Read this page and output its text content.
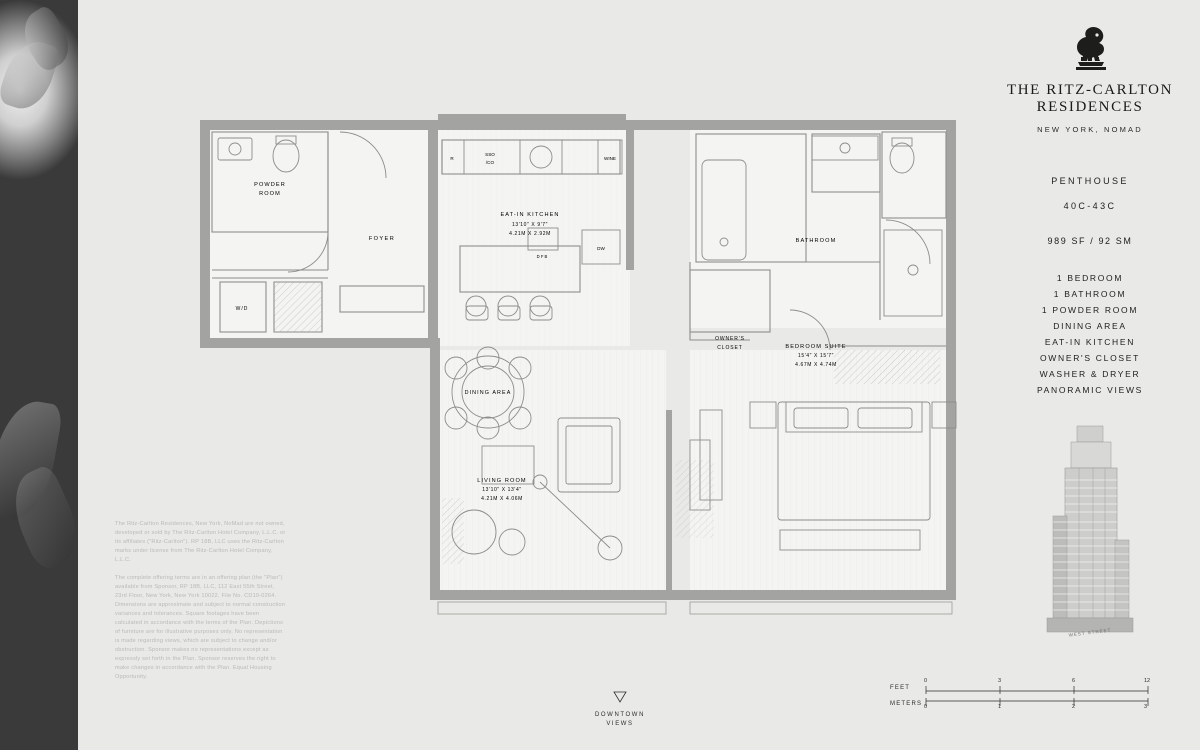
POWDER
ROOM
FOYER
W/D
EAT-IN KITCHEN
13'10" X 9'7"
4.21M X 2.92M
R
SSO
/CO
WINE
DW
D F B
BATHROOM
OWNER'S
CLOSET	BEDROOM SUITE
15'4" X 15'7"
4.67M X 4.74M
DINING AREA
LIVING ROOM
13'10" X 13'4"
4.21M X 4.06M

The Ritz-Carlton Residences, New York, NoMad are not owned, developed or sold by The Ritz-Carlton Hotel Company, L.L.C. or its affiliates ("Ritz-Carlton"). RP 18B, LLC uses the Ritz-Carlton marks under license from The Ritz-Carlton Hotel Company, L.L.C.

The complete offering terms are in an offering plan (the "Plan") available from Sponsor, RP 18B, LLC, 112 East 55th Street, 23rd Floor, New York, New York 10022. File No. CD19-0264. Dimensions are approximate and subject to normal construction variances and tolerances. Square footages have been calculated in accordance with the terms of the Plan. Depictions of furniture are for illustrative purposes only. No representation is made regarding views, which are subject to change and/or obstruction. Sponsor makes no representations except as expressly set forth in the Plan. Sponsor reserves the right to make changes in accordance with the Plan. Equal Housing Opportunity.

THE RITZ-CARLTON
RESIDENCES
NEW YORK, NOMAD
PENTHOUSE
40C-43C
989 SF / 92 SM
1 BEDROOM
1 BATHROOM
1 POWDER ROOM
DINING AREA
EAT-IN KITCHEN
OWNER'S CLOSET
WASHER & DRYER
PANORAMIC VIEWS
WEST STREET
DOWNTOWN
VIEWS
FEET
0	3	6	12
METERS 0	1	2	3
